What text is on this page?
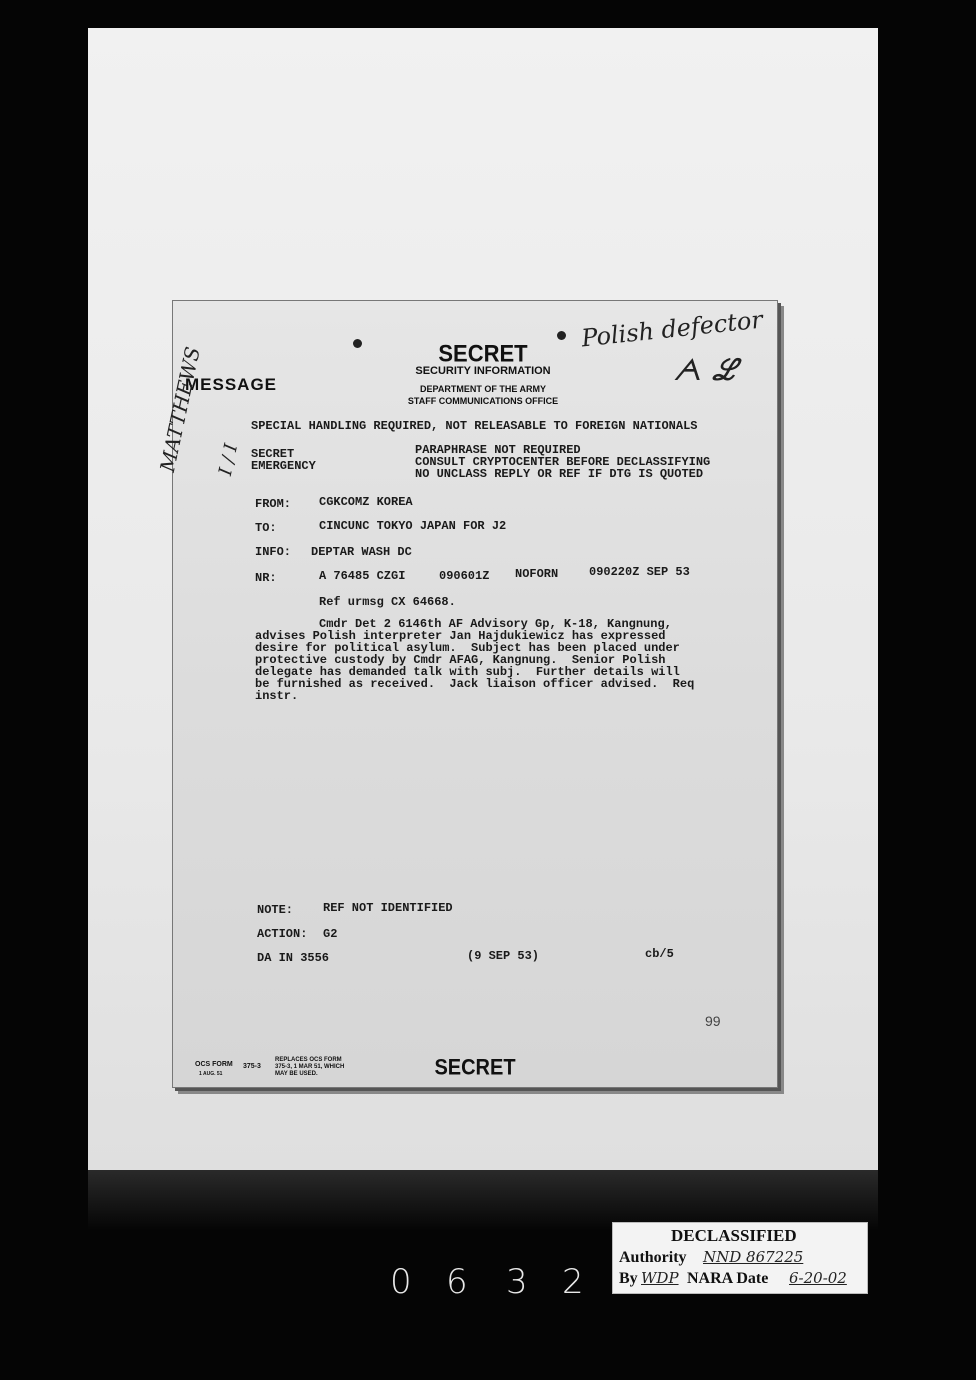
SECRET
SECURITY INFORMATION
DEPARTMENT OF THE ARMY
STAFF COMMUNICATIONS OFFICE
MESSAGE
Polish defector
ᗅ ℒ
MATTHEWS I / I
SPECIAL HANDLING REQUIRED, NOT RELEASABLE TO FOREIGN NATIONALS
SECRET
EMERGENCY
PARAPHRASE NOT REQUIRED
CONSULT CRYPTOCENTER BEFORE DECLASSIFYING
NO UNCLASS REPLY OR REF IF DTG IS QUOTED
FROM: CGKCOMZ KOREA
TO:	CINCUNC TOKYO JAPAN FOR J2
INFO: DEPTAR WASH DC
NR:	A 76485 CZGI	090601Z NOFORN	090220Z SEP 53
Ref urmsg CX 64668.
Cmdr Det 2 6146th AF Advisory Gp, K-18, Kangnung,
advises Polish interpreter Jan Hajdukiewicz has expressed
desire for political asylum.  Subject has been placed under
protective custody by Cmdr AFAG, Kangnung.  Senior Polish
delegate has demanded talk with subj.  Further details will
be furnished as received.  Jack liaison officer advised.  Req
instr.
NOTE: REF NOT IDENTIFIED
ACTION: G2
DA IN 3556	(9 SEP 53)	cb/5
99
OCS FORM
1 AUG. 51
375-3
REPLACES OCS FORM
375-3, 1 MAR 51, WHICH
MAY BE USED.	SECRET
DECLASSIFIED
Authority NND 867225
By WDP NARA Date 6-20-02
0 6 3 2
